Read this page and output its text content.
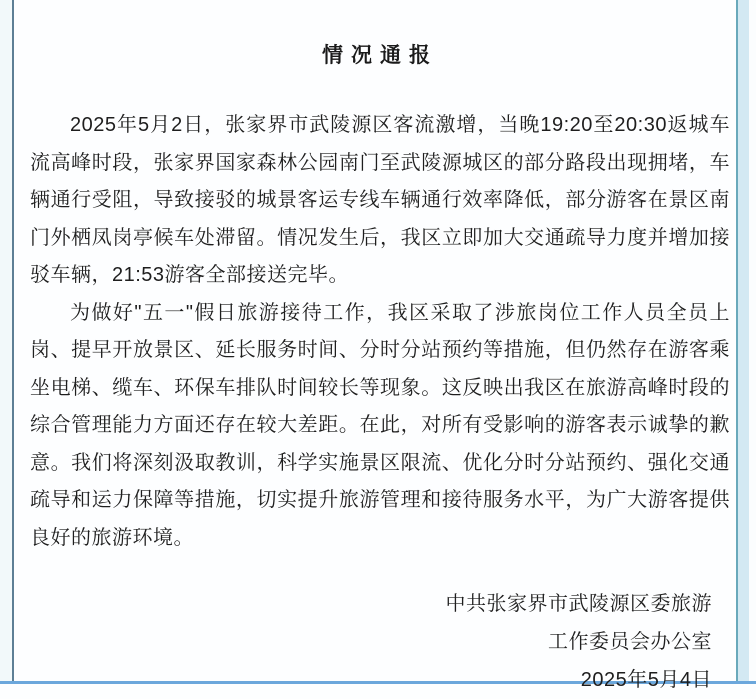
情况通报

2025年5月2日，张家界市武陵源区客流激增，当晚19:20至20:30返城车流高峰时段，张家界国家森林公园南门至武陵源城区的部分路段出现拥堵，车辆通行受阻，导致接驳的城景客运专线车辆通行效率降低，部分游客在景区南门外栖凤岗亭候车处滞留。情况发生后，我区立即加大交通疏导力度并增加接驳车辆，21:53游客全部接送完毕。

为做好"五一"假日旅游接待工作，我区采取了涉旅岗位工作人员全员上岗、提早开放景区、延长服务时间、分时分站预约等措施，但仍然存在游客乘坐电梯、缆车、环保车排队时间较长等现象。这反映出我区在旅游高峰时段的综合管理能力方面还存在较大差距。在此，对所有受影响的游客表示诚挚的歉意。我们将深刻汲取教训，科学实施景区限流、优化分时分站预约、强化交通疏导和运力保障等措施，切实提升旅游管理和接待服务水平，为广大游客提供良好的旅游环境。

中共张家界市武陵源区委旅游
工作委员会办公室
2025年5月4日
